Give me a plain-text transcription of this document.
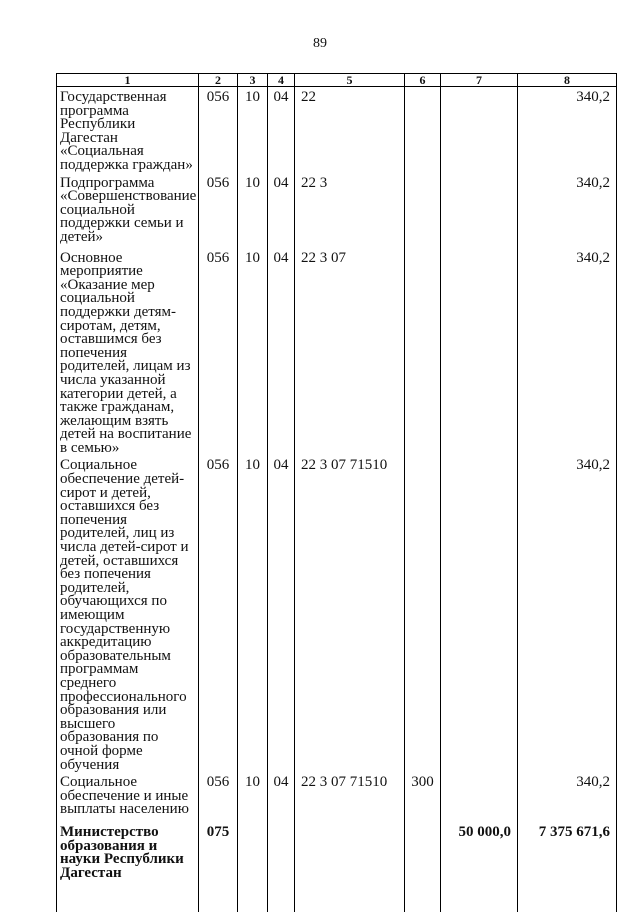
89
1	2	3	4	5	6	7	8
Государственная программа Республики Дагестан «Социальная поддержка граждан»	056	10	04	22			340,2
Подпрограмма «Совершенствование социальной поддержки семьи и детей»	056	10	04	22 3			340,2
Основное мероприятие «Оказание мер социальной поддержки детям-сиротам, детям, оставшимся без попечения родителей, лицам из числа указанной категории детей, а также гражданам, желающим взять детей на воспитание в семью»	056	10	04	22 3 07			340,2
Социальное обеспечение детей-сирот и детей, оставшихся без попечения родителей, лиц из числа детей-сирот и детей, оставшихся без попечения родителей, обучающихся по имеющим государственную аккредитацию образовательным программам среднего профессионального образования или высшего образования по очной форме обучения	056	10	04	22 3 07 71510			340,2
Социальное обеспечение и иные выплаты населению	056	10	04	22 3 07 71510	300		340,2
Министерство образования и науки Республики Дагестан	075					50 000,0	7 375 671,6
